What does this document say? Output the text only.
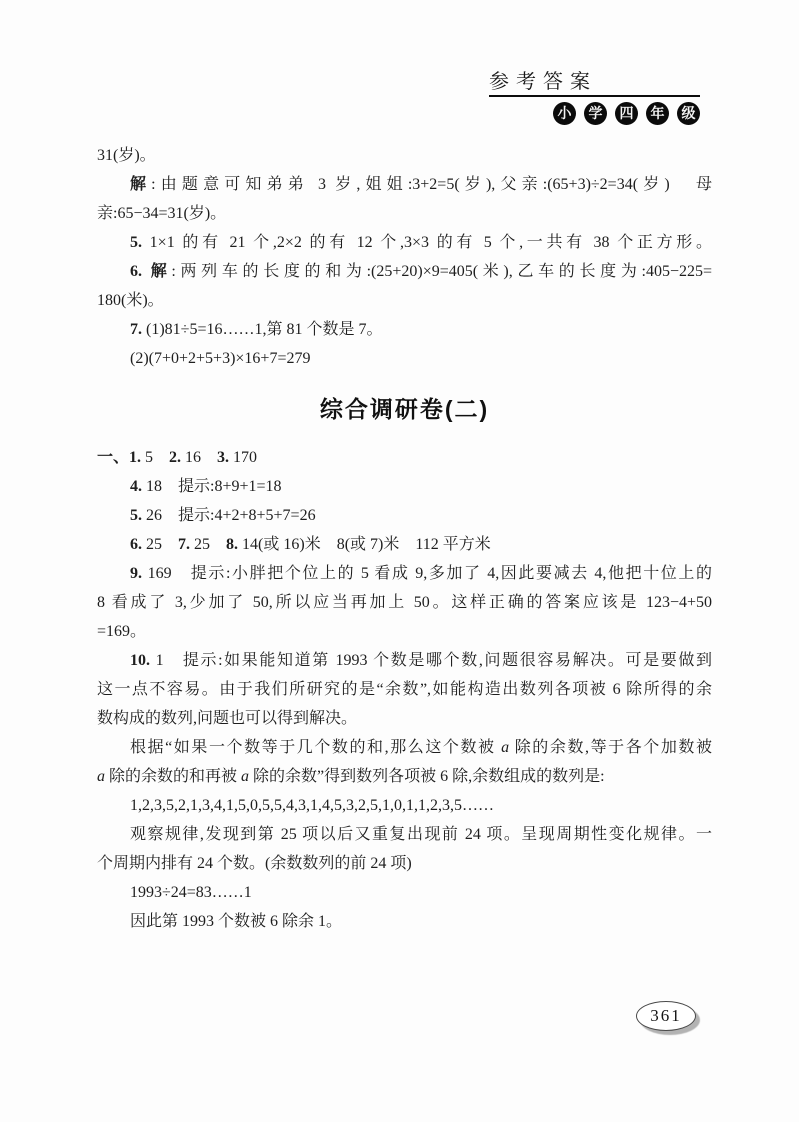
参考答案
小	学	四	年	级

31(岁)。

解:由题意可知弟弟 3 岁,姐姐:3+2=5(岁),父亲:(65+3)÷2=34(岁)　母

亲:65−34=31(岁)。

5. 1×1 的有 21 个,2×2 的有 12 个,3×3 的有 5 个,一共有 38 个正方形。

6. 解:两列车的长度的和为:(25+20)×9=405(米),乙车的长度为:405−225=

180(米)。

7. (1)81÷5=16……1,第 81 个数是 7。

(2)(7+0+2+5+3)×16+7=279

综合调研卷(二)

一、1. 5　2. 16　3. 170

4. 18　提示:8+9+1=18

5. 26　提示:4+2+8+5+7=26

6. 25　7. 25　8. 14(或 16)米　8(或 7)米　112 平方米

9. 169　提示:小胖把个位上的 5 看成 9,多加了 4,因此要减去 4,他把十位上的

8 看成了 3,少加了 50,所以应当再加上 50。这样正确的答案应该是 123−4+50

=169。

10. 1　提示:如果能知道第 1993 个数是哪个数,问题很容易解决。可是要做到

这一点不容易。由于我们所研究的是“余数”,如能构造出数列各项被 6 除所得的余

数构成的数列,问题也可以得到解决。

根据“如果一个数等于几个数的和,那么这个数被 a 除的余数,等于各个加数被

a 除的余数的和再被 a 除的余数”得到数列各项被 6 除,余数组成的数列是:

1,2,3,5,2,1,3,4,1,5,0,5,5,4,3,1,4,5,3,2,5,1,0,1,1,2,3,5……

观察规律,发现到第 25 项以后又重复出现前 24 项。呈现周期性变化规律。一

个周期内排有 24 个数。(余数数列的前 24 项)

1993÷24=83……1

因此第 1993 个数被 6 除余 1。

361
